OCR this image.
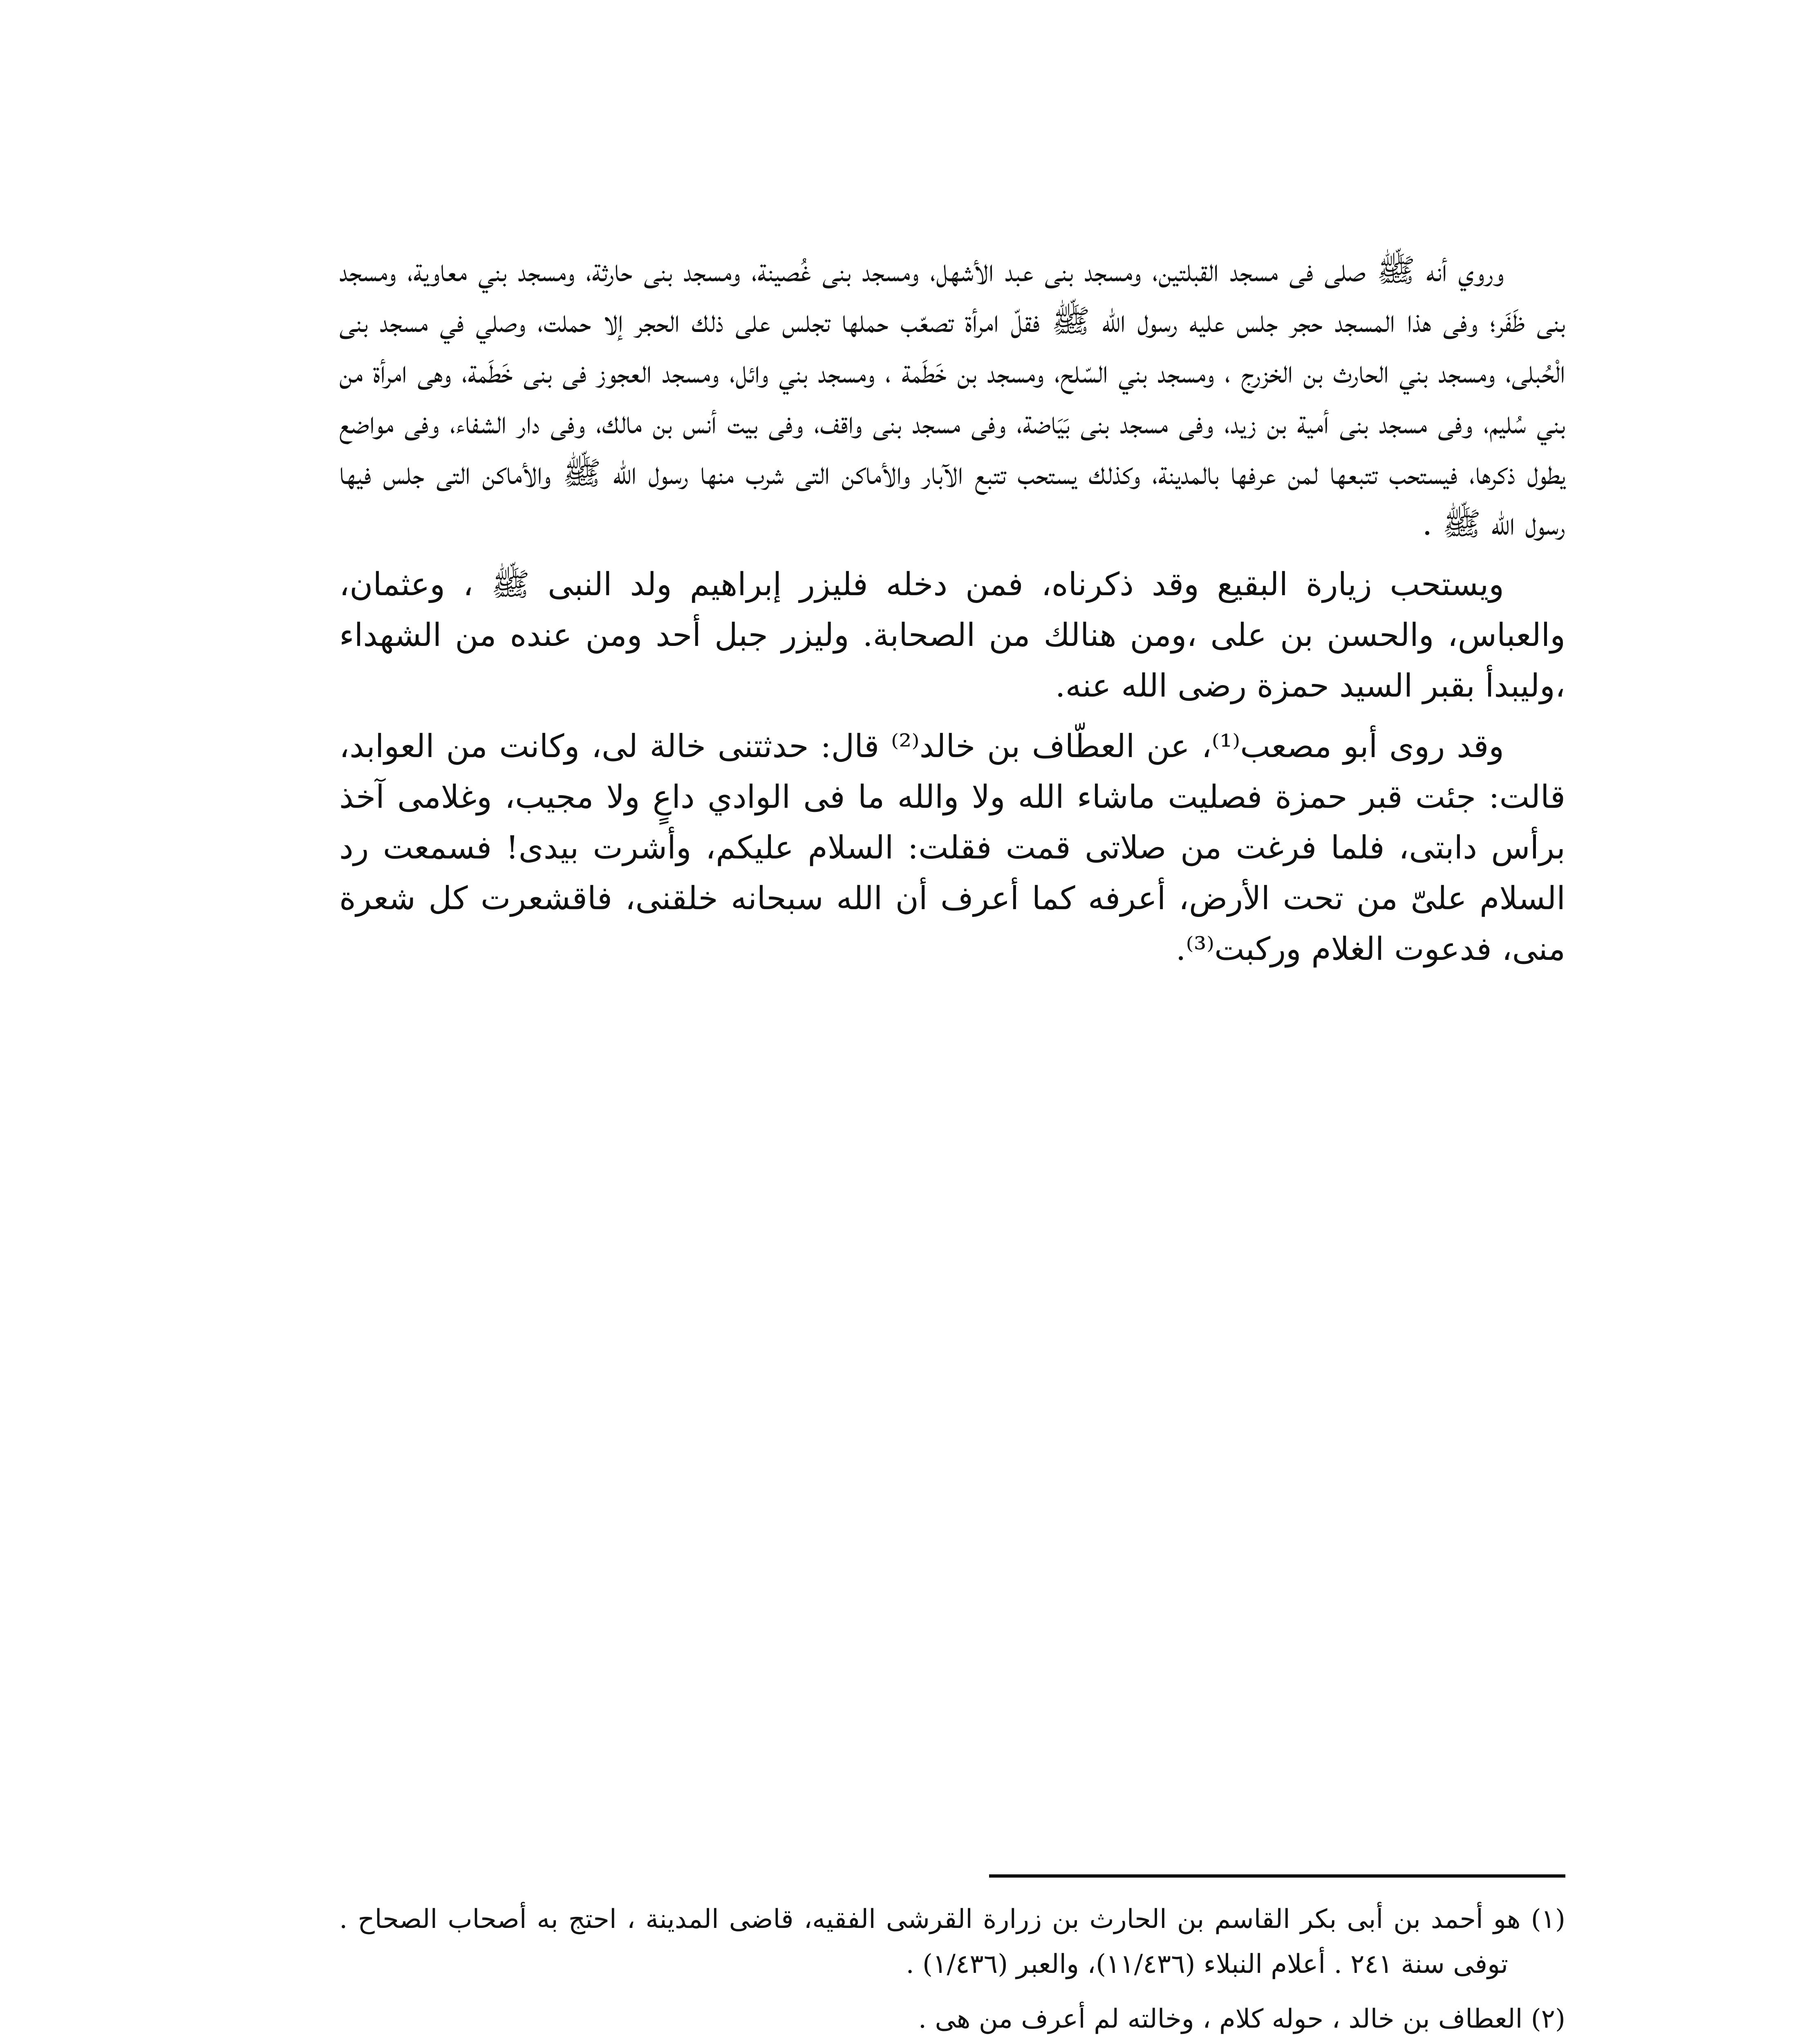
وروي أنه ﷺ صلى فى مسجد القبلتين، ومسجد بنى عبد الأشهل، ومسجد بنى غُصينة، ومسجد بنى حارثة، ومسجد بني معاوية، ومسجد بنى ظَفَر؛ وفى هذا المسجد حجر جلس عليه رسول الله ﷺ فقلّ امرأة تصعّب حملها تجلس على ذلك الحجر إلا حملت، وصلي في مسجد بنى الْحُبلى، ومسجد بني الحارث بن الخزرج ، ومسجد بني السّلح، ومسجد بن خَطَمة ، ومسجد بني وائل، ومسجد العجوز فى بنى خَطَمة، وهى امرأة من بني سُليم، وفى مسجد بنى أمية بن زيد، وفى مسجد بنى بَيَاضة، وفى مسجد بنى واقف، وفى بيت أنس بن مالك، وفى دار الشفاء، وفى مواضع يطول ذكرها، فيستحب تتبعها لمن عرفها بالمدينة، وكذلك يستحب تتبع الآبار والأماكن التى شرب منها رسول الله ﷺ والأماكن التى جلس فيها رسول الله ﷺ .

ويستحب زيارة البقيع وقد ذكرناه، فمن دخله فليزر إبراهيم ولد النبى ﷺ ، وعثمان، والعباس، والحسن بن على ،ومن هنالك من الصحابة. وليزر جبل أحد ومن عنده من الشهداء ،وليبدأ بقبر السيد حمزة رضى الله عنه.

وقد روى أبو مصعب⁽¹⁾، عن العطّاف بن خالد⁽²⁾ قال: حدثتنى خالة لى، وكانت من العوابد، قالت: جئت قبر حمزة فصليت ماشاء الله ولا والله ما فى الوادي داعٍ ولا مجيب، وغلامى آخذ برأس دابتى، فلما فرغت من صلاتى قمت فقلت: السلام عليكم، وأشرت بيدى! فسمعت رد السلام علىّ من تحت الأرض، أعرفه كما أعرف أن الله سبحانه خلقنى، فاقشعرت كل شعرة منى، فدعوت الغلام وركبت⁽³⁾.

(١) هو أحمد بن أبى بكر القاسم بن الحارث بن زرارة القرشى الفقيه، قاضى المدينة ، احتج به أصحاب الصحاح . توفى سنة ٢٤١ . أعلام النبلاء (١١/٤٣٦)، والعبر (١/٤٣٦) .

(٢) العطاف بن خالد ، حوله كلام ، وخالته لم أعرف من هى .
